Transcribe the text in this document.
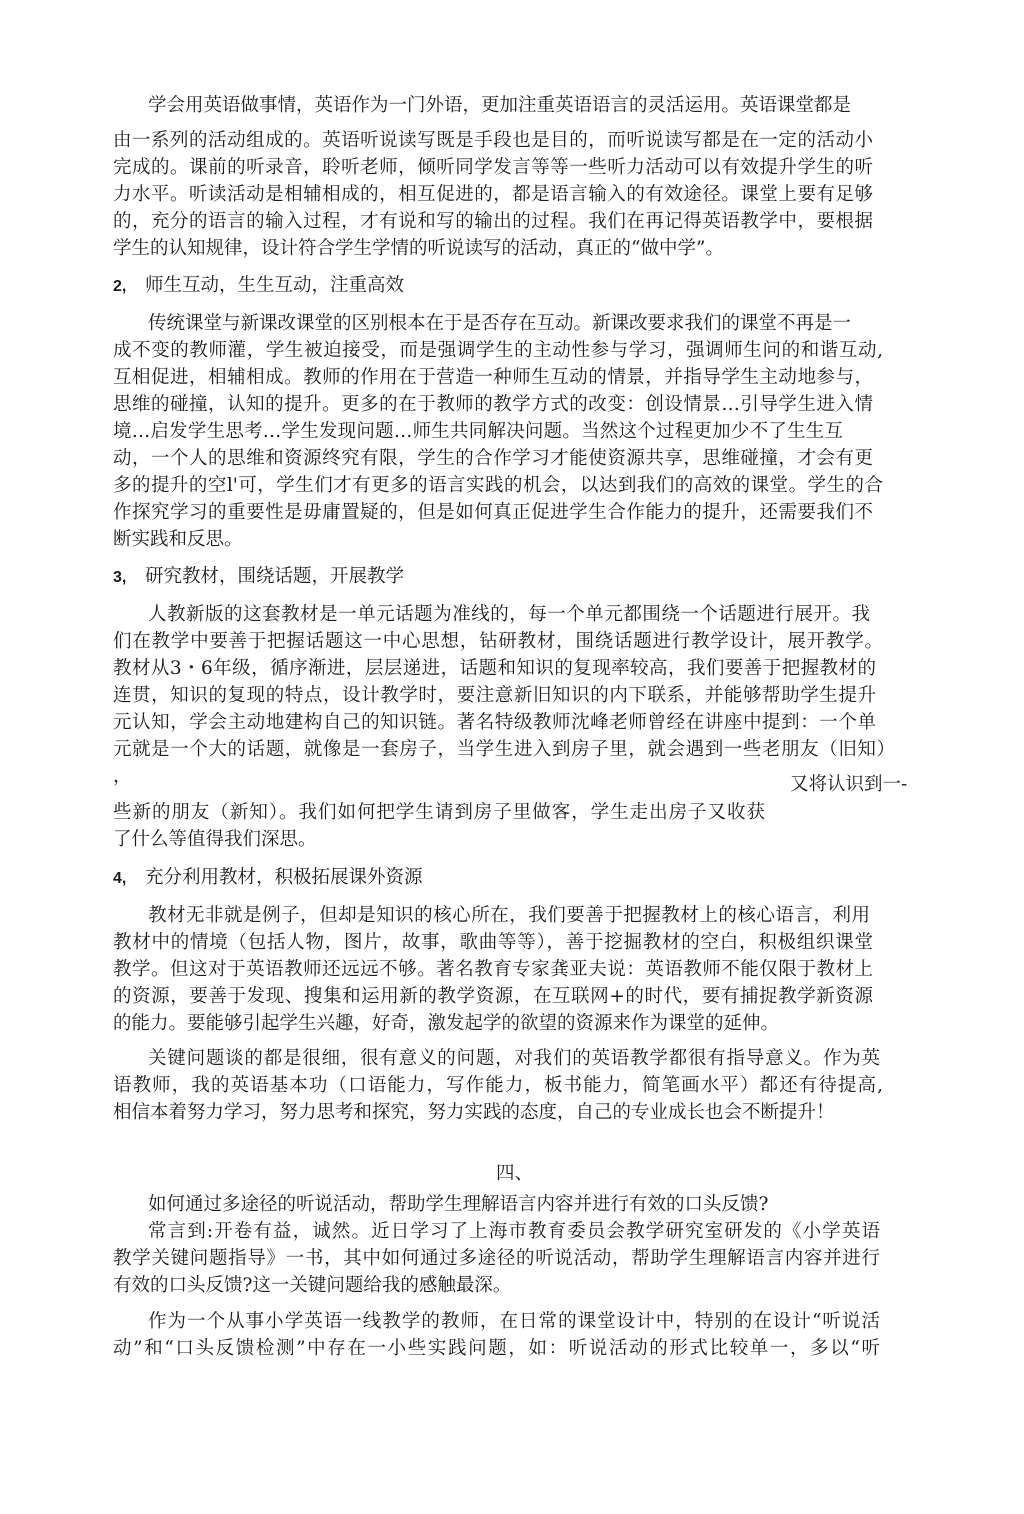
学会用英语做事情，英语作为一门外语，更加注重英语语言的灵活运用。英语课堂都是
由一系列的活动组成的。英语听说读写既是手段也是目的，而听说读写都是在一定的活动小
完成的。课前的听录音，聆听老师，倾听同学发言等等一些听力活动可以有效提升学生的听
力水平。听读活动是相辅相成的，相互促进的，都是语言输入的有效途径。课堂上要有足够
的，充分的语言的输入过程，才有说和写的输出的过程。我们在再记得英语教学中，要根据
学生的认知规律，设计符合学生学情的听说读写的活动，真正的“做中学”。
2, 师生互动，生生互动，注重高效
传统课堂与新课改课堂的区别根本在于是否存在互动。新课改要求我们的课堂不再是一
成不变的教师灌，学生被迫接受，而是强调学生的主动性参与学习，强调师生问的和谐互动,
互相促进，相辅相成。教师的作用在于营造一种师生互动的情景，并指导学生主动地参与，
思维的碰撞，认知的提升。更多的在于教师的教学方式的改变：创设情景…引导学生进入情
境…启发学生思考…学生发现问题…师生共同解决问题。当然这个过程更加少不了生生互
动，一个人的思维和资源终究有限，学生的合作学习才能使资源共享，思维碰撞，才会有更
多的提升的空l'可，学生们才有更多的语言实践的机会，以达到我们的高效的课堂。学生的合
作探究学习的重要性是毋庸置疑的，但是如何真正促进学生合作能力的提升，还需要我们不
断实践和反思。
3, 研究教材，围绕话题，开展教学
人教新版的这套教材是一单元话题为准线的，每一个单元都围绕一个话题进行展开。我
们在教学中要善于把握话题这一中心思想，钻研教材，围绕话题进行教学设计，展开教学。
教材从3・6年级，循序渐进，层层递进，话题和知识的复现率较高，我们要善于把握教材的
连贯，知识的复现的特点，设计教学时，要注意新旧知识的内下联系，并能够帮助学生提升
元认知，学会主动地建构自己的知识链。著名特级教师沈峰老师曾经在讲座中提到：一个单
元就是一个大的话题，就像是一套房子，当学生进入到房子里，就会遇到一些老朋友（旧知）
，	又将认识到一-
些新的朋友（新知）。我们如何把学生请到房子里做客，学生走出房子又收获
了什么等值得我们深思。
4, 充分利用教材，积极拓展课外资源
教材无非就是例子，但却是知识的核心所在，我们要善于把握教材上的核心语言，利用
教材中的情境（包括人物，图片，故事，歌曲等等），善于挖掘教材的空白，积极组织课堂
教学。但这对于英语教师还远远不够。著名教育专家龚亚夫说：英语教师不能仅限于教材上
的资源，要善于发现、搜集和运用新的教学资源，在互联网+的时代，要有捕捉教学新资源
的能力。要能够引起学生兴趣，好奇，激发起学的欲望的资源来作为课堂的延伸。
关键问题谈的都是很细，很有意义的问题，对我们的英语教学都很有指导意义。作为英
语教师，我的英语基本功（口语能力，写作能力，板书能力，简笔画水平）都还有待提高,
相信本着努力学习，努力思考和探究，努力实践的态度，自己的专业成长也会不断提升！
四、
如何通过多途径的听说活动，帮助学生理解语言内容并进行有效的口头反馈?
常言到:开卷有益，诚然。近日学习了上海市教育委员会教学研究室研发的《小学英语
教学关键问题指导》一书，其中如何通过多途径的听说活动，帮助学生理解语言内容并进行
有效的口头反馈?这一关键问题给我的感触最深。
作为一个从事小学英语一线教学的教师，在日常的课堂设计中，特别的在设计“听说活
动”和“口头反馈检测”中存在一小些实践问题，如：听说活动的形式比较单一，多以“听
